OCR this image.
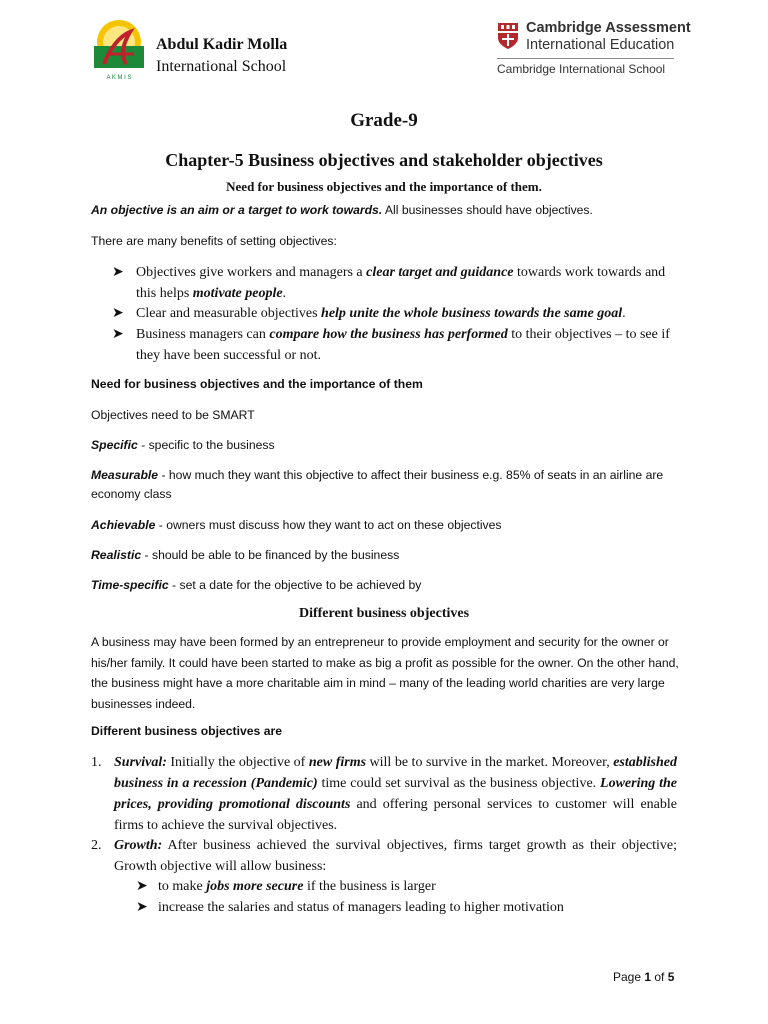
A K M I S
Abdul Kadir Molla
International School
Cambridge Assessment
International Education
Cambridge International School
Grade-9
Chapter-5 Business objectives and stakeholder objectives
Need for business objectives and the importance of them.
An objective is an aim or a target to work towards. All businesses should have objectives.
There are many benefits of setting objectives:
➤ Objectives give workers and managers a clear target and guidance towards work towards and this helps motivate people.
➤ Clear and measurable objectives help unite the whole business towards the same goal.
➤ Business managers can compare how the business has performed to their objectives – to see if they have been successful or not.
Need for business objectives and the importance of them
Objectives need to be SMART
Specific - specific to the business
Measurable - how much they want this objective to affect their business e.g. 85% of seats in an airline are economy class
Achievable - owners must discuss how they want to act on these objectives
Realistic - should be able to be financed by the business
Time-specific - set a date for the objective to be achieved by
Different business objectives
A business may have been formed by an entrepreneur to provide employment and security for the owner or his/her family. It could have been started to make as big a profit as possible for the owner. On the other hand, the business might have a more charitable aim in mind – many of the leading world charities are very large businesses indeed.
Different business objectives are
1. Survival: Initially the objective of new firms will be to survive in the market. Moreover, established business in a recession (Pandemic) time could set survival as the business objective. Lowering the prices, providing promotional discounts and offering personal services to customer will enable firms to achieve the survival objectives.
2. Growth: After business achieved the survival objectives, firms target growth as their objective; Growth objective will allow business:
➤ to make jobs more secure if the business is larger
➤ increase the salaries and status of managers leading to higher motivation
Page 1 of 5
